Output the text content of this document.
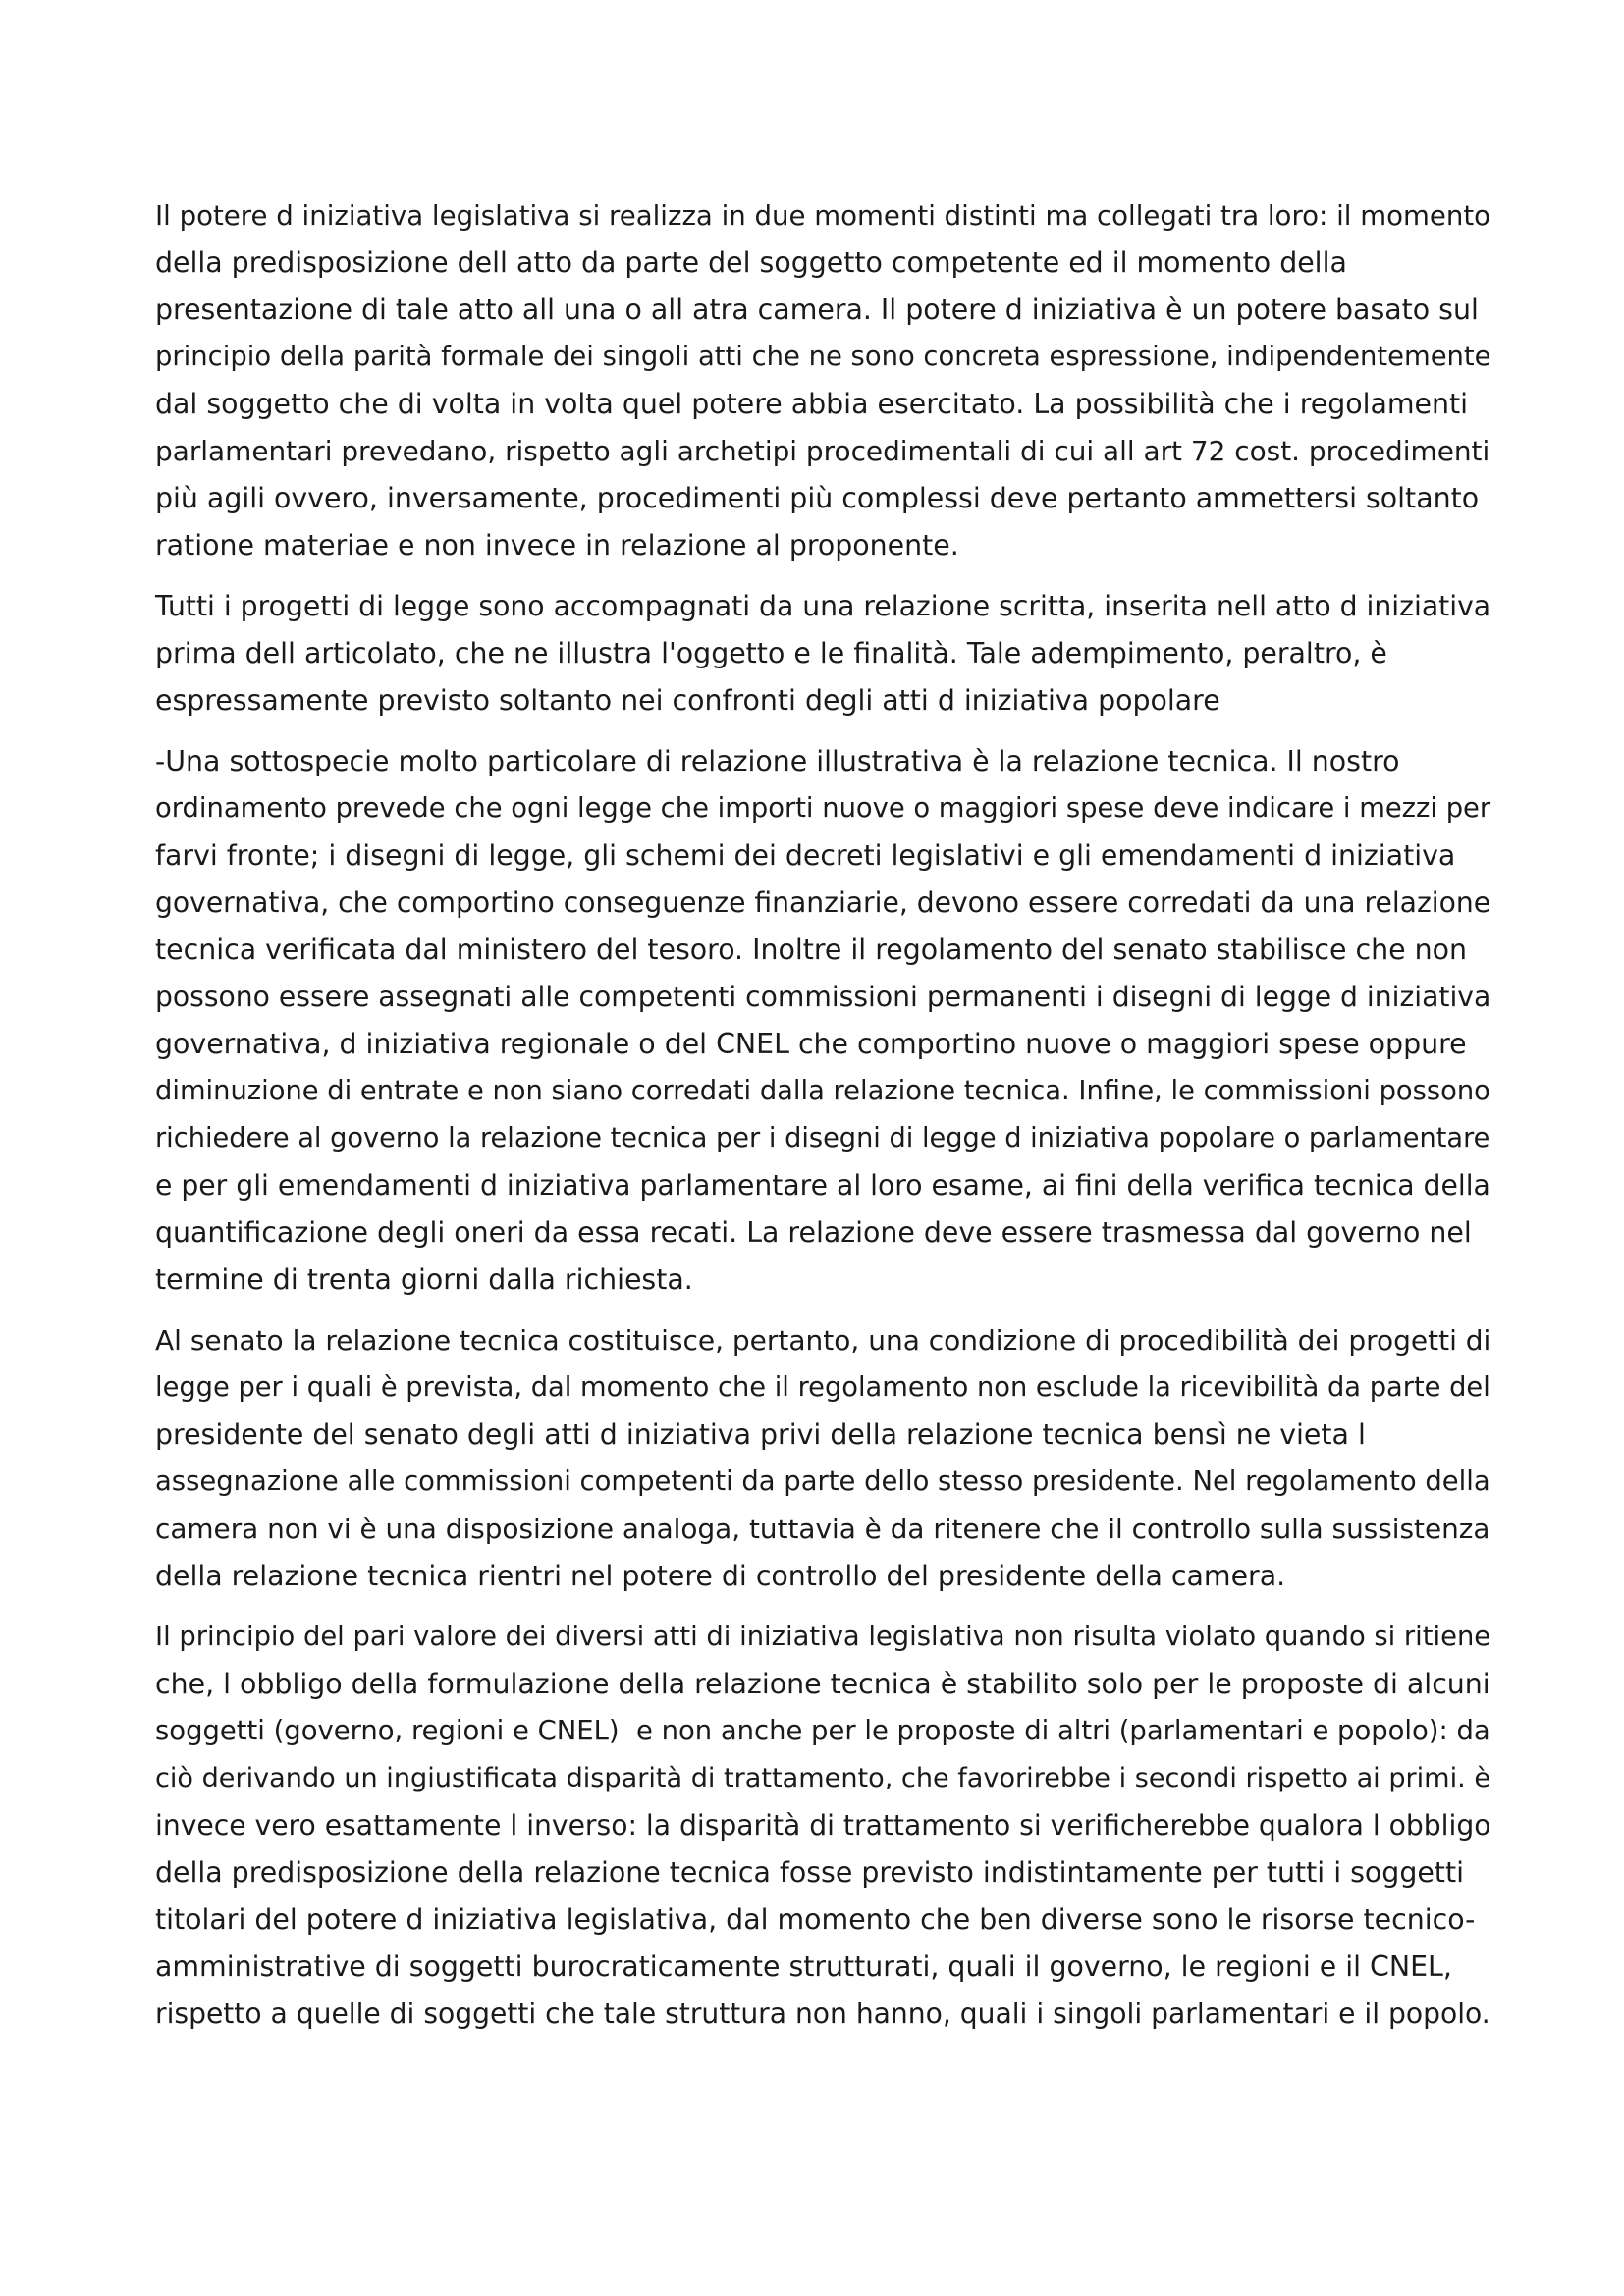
Il potere d iniziativa legislativa si realizza in due momenti distinti ma collegati tra loro: il momento
della predisposizione dell atto da parte del soggetto competente ed il momento della
presentazione di tale atto all una o all atra camera. Il potere d iniziativa è un potere basato sul
principio della parità formale dei singoli atti che ne sono concreta espressione, indipendentemente
dal soggetto che di volta in volta quel potere abbia esercitato. La possibilità che i regolamenti
parlamentari prevedano, rispetto agli archetipi procedimentali di cui all art 72 cost. procedimenti
più agili ovvero, inversamente, procedimenti più complessi deve pertanto ammettersi soltanto
ratione materiae e non invece in relazione al proponente.
Tutti i progetti di legge sono accompagnati da una relazione scritta, inserita nell atto d iniziativa
prima dell articolato, che ne illustra l'oggetto e le finalità. Tale adempimento, peraltro, è
espressamente previsto soltanto nei confronti degli atti d iniziativa popolare
-Una sottospecie molto particolare di relazione illustrativa è la relazione tecnica. Il nostro
ordinamento prevede che ogni legge che importi nuove o maggiori spese deve indicare i mezzi per
farvi fronte; i disegni di legge, gli schemi dei decreti legislativi e gli emendamenti d iniziativa
governativa, che comportino conseguenze finanziarie, devono essere corredati da una relazione
tecnica verificata dal ministero del tesoro. Inoltre il regolamento del senato stabilisce che non
possono essere assegnati alle competenti commissioni permanenti i disegni di legge d iniziativa
governativa, d iniziativa regionale o del CNEL che comportino nuove o maggiori spese oppure
diminuzione di entrate e non siano corredati dalla relazione tecnica. Infine, le commissioni possono
richiedere al governo la relazione tecnica per i disegni di legge d iniziativa popolare o parlamentare
e per gli emendamenti d iniziativa parlamentare al loro esame, ai fini della verifica tecnica della
quantificazione degli oneri da essa recati. La relazione deve essere trasmessa dal governo nel
termine di trenta giorni dalla richiesta.
Al senato la relazione tecnica costituisce, pertanto, una condizione di procedibilità dei progetti di
legge per i quali è prevista, dal momento che il regolamento non esclude la ricevibilità da parte del
presidente del senato degli atti d iniziativa privi della relazione tecnica bensì ne vieta l
assegnazione alle commissioni competenti da parte dello stesso presidente. Nel regolamento della
camera non vi è una disposizione analoga, tuttavia è da ritenere che il controllo sulla sussistenza
della relazione tecnica rientri nel potere di controllo del presidente della camera.
Il principio del pari valore dei diversi atti di iniziativa legislativa non risulta violato quando si ritiene
che, l obbligo della formulazione della relazione tecnica è stabilito solo per le proposte di alcuni
soggetti (governo, regioni e CNEL)  e non anche per le proposte di altri (parlamentari e popolo): da
ciò derivando un ingiustificata disparità di trattamento, che favorirebbe i secondi rispetto ai primi. è
invece vero esattamente l inverso: la disparità di trattamento si verificherebbe qualora l obbligo
della predisposizione della relazione tecnica fosse previsto indistintamente per tutti i soggetti
titolari del potere d iniziativa legislativa, dal momento che ben diverse sono le risorse tecnico-
amministrative di soggetti burocraticamente strutturati, quali il governo, le regioni e il CNEL,
rispetto a quelle di soggetti che tale struttura non hanno, quali i singoli parlamentari e il popolo.
